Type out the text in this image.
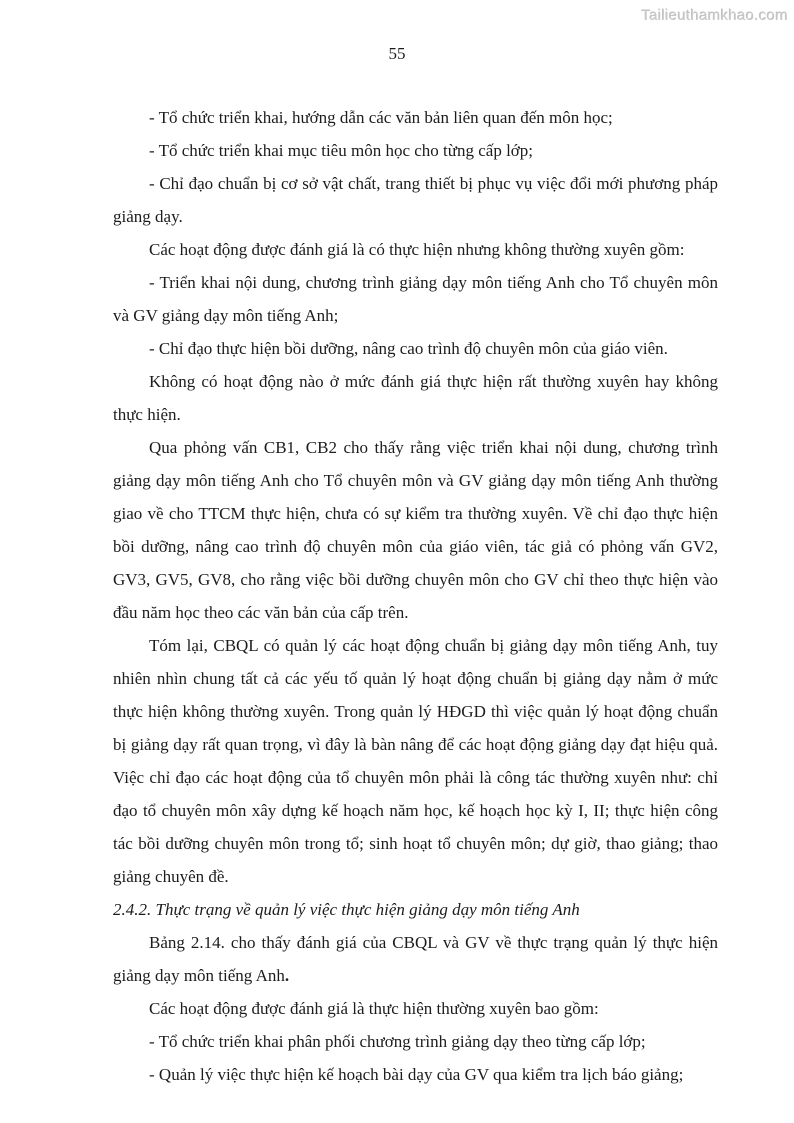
Tailieuthamkhao.com
55

- Tổ chức triển khai, hướng dẫn các văn bản liên quan đến môn học;

- Tổ chức triển khai mục tiêu môn học cho từng cấp lớp;

- Chỉ đạo chuẩn bị cơ sở vật chất, trang thiết bị phục vụ việc đổi mới phương pháp giảng dạy.

Các hoạt động được đánh giá là có thực hiện nhưng không thường xuyên gồm:

- Triển khai nội dung, chương trình giảng dạy môn tiếng Anh cho Tổ chuyên môn và GV giảng dạy môn tiếng Anh;

- Chỉ đạo thực hiện bồi dưỡng, nâng cao trình độ chuyên môn của giáo viên.

Không có hoạt động nào ở mức đánh giá thực hiện rất thường xuyên hay không thực hiện.

Qua phỏng vấn CB1, CB2 cho thấy rằng việc triển khai nội dung, chương trình giảng dạy môn tiếng Anh cho Tổ chuyên môn và GV giảng dạy môn tiếng Anh thường giao về cho TTCM thực hiện, chưa có sự kiểm tra thường xuyên. Về chỉ đạo thực hiện bồi dưỡng, nâng cao trình độ chuyên môn của giáo viên, tác giả có phỏng vấn GV2, GV3, GV5, GV8, cho rằng việc bồi dưỡng chuyên môn cho GV chỉ theo thực hiện vào đầu năm học theo các văn bản của cấp trên.

Tóm lại, CBQL có quản lý các hoạt động chuẩn bị giảng dạy môn tiếng Anh, tuy nhiên nhìn chung tất cả các yếu tố quản lý hoạt động chuẩn bị giảng dạy nằm ở mức thực hiện không thường xuyên. Trong quản lý HĐGD thì việc quản lý hoạt động chuẩn bị giảng dạy rất quan trọng, vì đây là bàn nâng để các hoạt động giảng dạy đạt hiệu quả. Việc chỉ đạo các hoạt động của tổ chuyên môn phải là công tác thường xuyên như: chỉ đạo tổ chuyên môn xây dựng kế hoạch năm học, kế hoạch học kỳ I, II; thực hiện công tác bồi dưỡng chuyên môn trong tổ; sinh hoạt tổ chuyên môn; dự giờ, thao giảng; thao giảng chuyên đề.

2.4.2. Thực trạng về quản lý việc thực hiện giảng dạy môn tiếng Anh

Bảng 2.14. cho thấy đánh giá của CBQL và GV về thực trạng quản lý thực hiện giảng dạy môn tiếng Anh.

Các hoạt động được đánh giá là thực hiện thường xuyên bao gồm:

- Tổ chức triển khai phân phối chương trình giảng dạy theo từng cấp lớp;

- Quản lý việc thực hiện kế hoạch bài dạy của GV qua kiểm tra lịch báo giảng;
